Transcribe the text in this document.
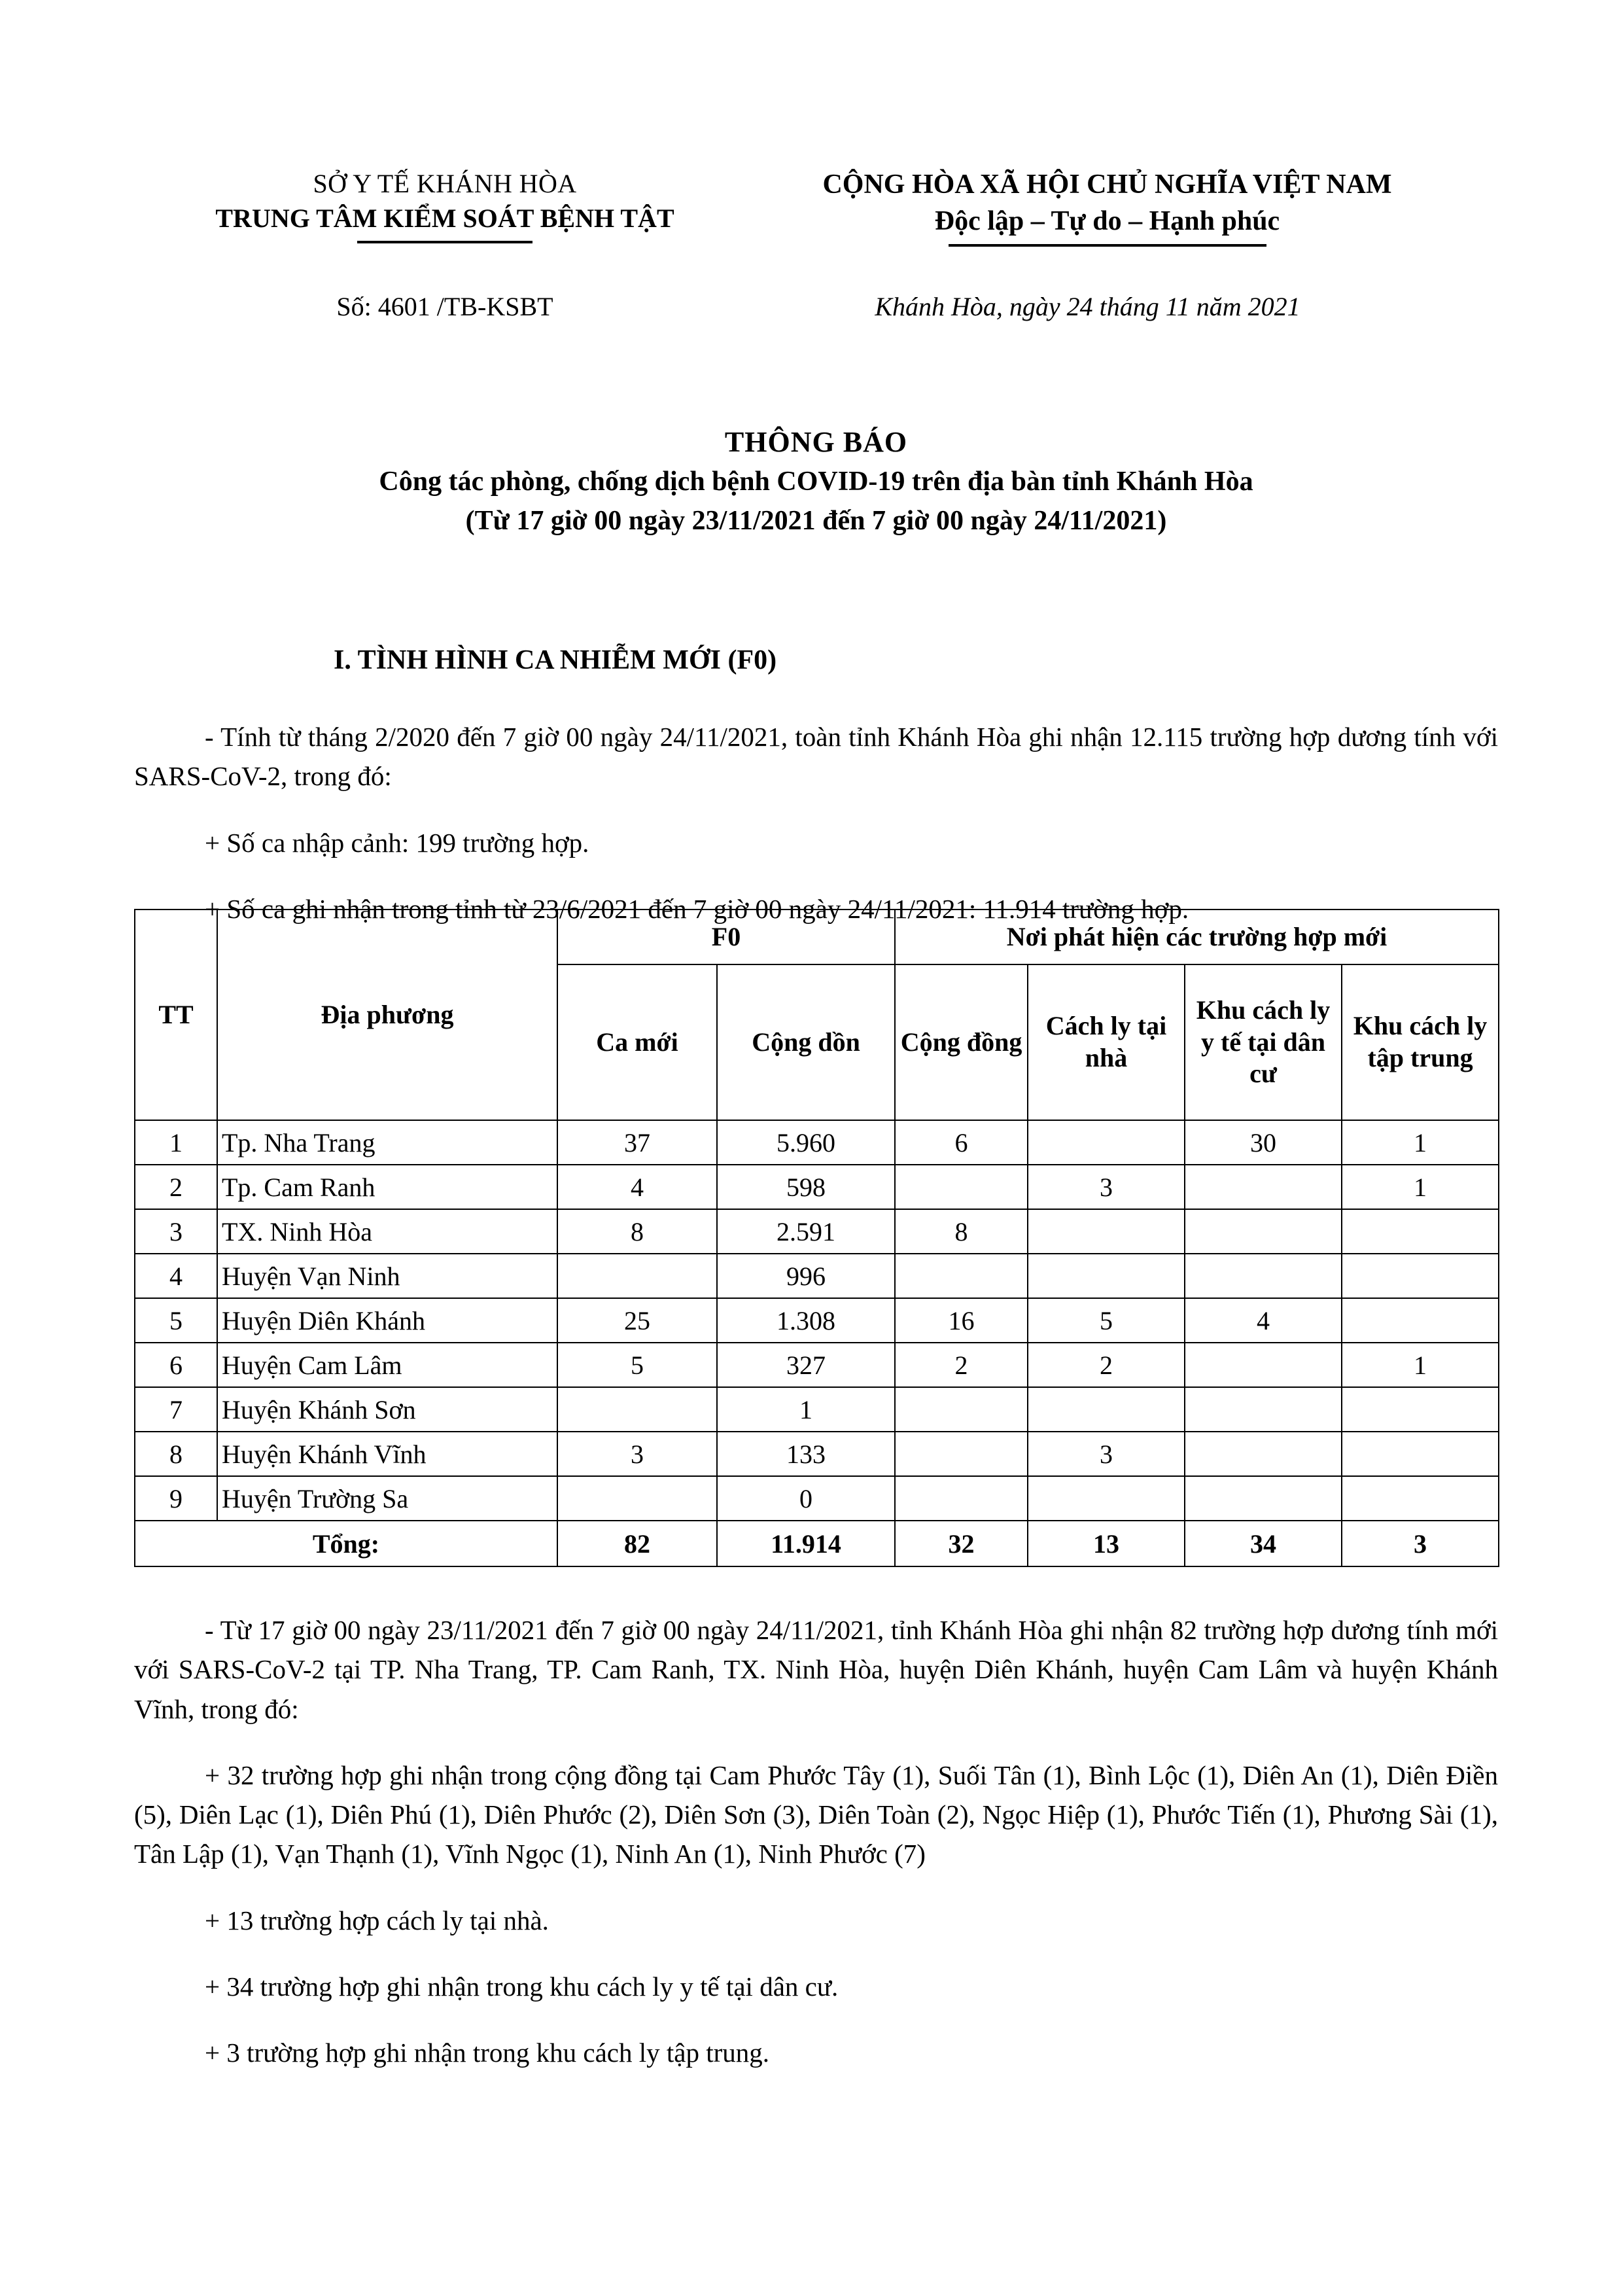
SỞ Y TẾ KHÁNH HÒA
TRUNG TÂM KIỂM SOÁT BỆNH TẬT
CỘNG HÒA XÃ HỘI CHỦ NGHĨA VIỆT NAM
Độc lập – Tự do – Hạnh phúc
Số: 4601 /TB-KSBT	Khánh Hòa, ngày 24 tháng 11 năm 2021
THÔNG BÁO
Công tác phòng, chống dịch bệnh COVID-19 trên địa bàn tỉnh Khánh Hòa
(Từ 17 giờ 00 ngày 23/11/2021 đến 7 giờ 00 ngày 24/11/2021)
I. TÌNH HÌNH CA NHIỄM MỚI (F0)

- Tính từ tháng 2/2020 đến 7 giờ 00 ngày 24/11/2021, toàn tỉnh Khánh Hòa ghi nhận 12.115 trường hợp dương tính với SARS-CoV-2, trong đó:

+ Số ca nhập cảnh: 199 trường hợp.

+ Số ca ghi nhận trong tỉnh từ 23/6/2021 đến 7 giờ 00 ngày 24/11/2021: 11.914 trường hợp.

TT	Địa phương	F0		Nơi phát hiện các trường hợp mới			
		Ca mới	Cộng dồn	Cộng đồng	Cách ly tại nhà	Khu cách ly y tế tại dân cư	Khu cách ly tập trung
1	Tp. Nha Trang	37	5.960	6		30	1
2	Tp. Cam Ranh	4	598		3		1
3	TX. Ninh Hòa	8	2.591	8			
4	Huyện Vạn Ninh		996				
5	Huyện Diên Khánh	25	1.308	16	5	4	
6	Huyện Cam Lâm	5	327	2	2		1
7	Huyện Khánh Sơn		1				
8	Huyện Khánh Vĩnh	3	133		3		
9	Huyện Trường Sa		0				
Tổng:		82	11.914	32	13	34	3

- Từ 17 giờ 00 ngày 23/11/2021 đến 7 giờ 00 ngày 24/11/2021, tỉnh Khánh Hòa ghi nhận 82 trường hợp dương tính mới với SARS-CoV-2 tại TP. Nha Trang, TP. Cam Ranh, TX. Ninh Hòa, huyện Diên Khánh, huyện Cam Lâm và huyện Khánh Vĩnh, trong đó:

+ 32 trường hợp ghi nhận trong cộng đồng tại Cam Phước Tây (1), Suối Tân (1), Bình Lộc (1), Diên An (1), Diên Điền (5), Diên Lạc (1), Diên Phú (1), Diên Phước (2), Diên Sơn (3), Diên Toàn (2), Ngọc Hiệp (1), Phước Tiến (1), Phương Sài (1), Tân Lập (1), Vạn Thạnh (1), Vĩnh Ngọc (1), Ninh An (1), Ninh Phước (7)

+ 13 trường hợp cách ly tại nhà.

+ 34 trường hợp ghi nhận trong khu cách ly y tế tại dân cư.

+ 3 trường hợp ghi nhận trong khu cách ly tập trung.
